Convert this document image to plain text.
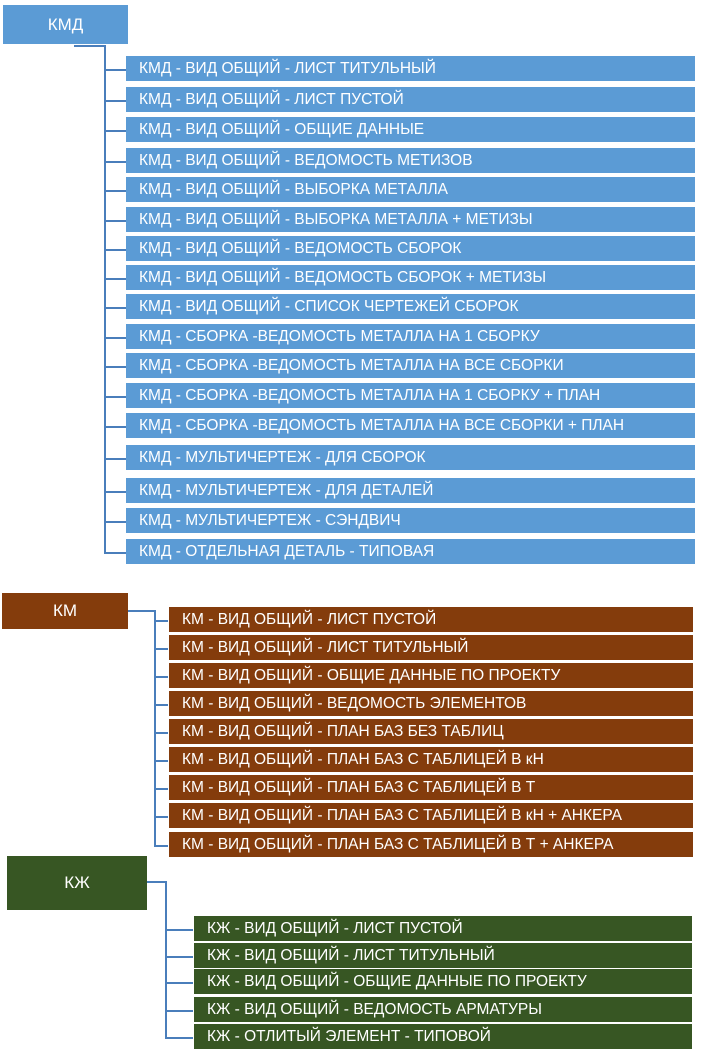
КМД
КМД - ВИД ОБЩИЙ - ЛИСТ ТИТУЛЬНЫЙ
КМД - ВИД ОБЩИЙ - ЛИСТ ПУСТОЙ
КМД - ВИД ОБЩИЙ - ОБЩИЕ ДАННЫЕ
КМД - ВИД ОБЩИЙ - ВЕДОМОСТЬ МЕТИЗОВ
КМД - ВИД ОБЩИЙ - ВЫБОРКА МЕТАЛЛА
КМД - ВИД ОБЩИЙ - ВЫБОРКА МЕТАЛЛА + МЕТИЗЫ
КМД - ВИД ОБЩИЙ - ВЕДОМОСТЬ СБОРОК
КМД - ВИД ОБЩИЙ - ВЕДОМОСТЬ СБОРОК + МЕТИЗЫ
КМД - ВИД ОБЩИЙ - СПИСОК ЧЕРТЕЖЕЙ СБОРОК
КМД - СБОРКА -ВЕДОМОСТЬ МЕТАЛЛА НА 1 СБОРКУ
КМД - СБОРКА -ВЕДОМОСТЬ МЕТАЛЛА НА ВСЕ СБОРКИ
КМД - СБОРКА -ВЕДОМОСТЬ МЕТАЛЛА НА 1 СБОРКУ + ПЛАН
КМД - СБОРКА -ВЕДОМОСТЬ МЕТАЛЛА НА ВСЕ СБОРКИ + ПЛАН
КМД - МУЛЬТИЧЕРТЕЖ - ДЛЯ СБОРОК
КМД - МУЛЬТИЧЕРТЕЖ - ДЛЯ ДЕТАЛЕЙ
КМД - МУЛЬТИЧЕРТЕЖ - СЭНДВИЧ
КМД - ОТДЕЛЬНАЯ ДЕТАЛЬ - ТИПОВАЯ
КМ	КМ - ВИД ОБЩИЙ - ЛИСТ ПУСТОЙ
КМ - ВИД ОБЩИЙ - ЛИСТ ТИТУЛЬНЫЙ
КМ - ВИД ОБЩИЙ - ОБЩИЕ ДАННЫЕ ПО ПРОЕКТУ
КМ - ВИД ОБЩИЙ - ВЕДОМОСТЬ ЭЛЕМЕНТОВ
КМ - ВИД ОБЩИЙ - ПЛАН БАЗ БЕЗ ТАБЛИЦ
КМ - ВИД ОБЩИЙ - ПЛАН БАЗ С ТАБЛИЦЕЙ В кН
КМ - ВИД ОБЩИЙ - ПЛАН БАЗ С ТАБЛИЦЕЙ В Т
КМ - ВИД ОБЩИЙ - ПЛАН БАЗ С ТАБЛИЦЕЙ В кН + АНКЕРА
КМ - ВИД ОБЩИЙ - ПЛАН БАЗ С ТАБЛИЦЕЙ В Т + АНКЕРА
КЖ
КЖ - ВИД ОБЩИЙ - ЛИСТ ПУСТОЙ
КЖ - ВИД ОБЩИЙ - ЛИСТ ТИТУЛЬНЫЙ
КЖ - ВИД ОБЩИЙ - ОБЩИЕ ДАННЫЕ ПО ПРОЕКТУ
КЖ - ВИД ОБЩИЙ - ВЕДОМОСТЬ АРМАТУРЫ
КЖ - ОТЛИТЫЙ ЭЛЕМЕНТ - ТИПОВОЙ
